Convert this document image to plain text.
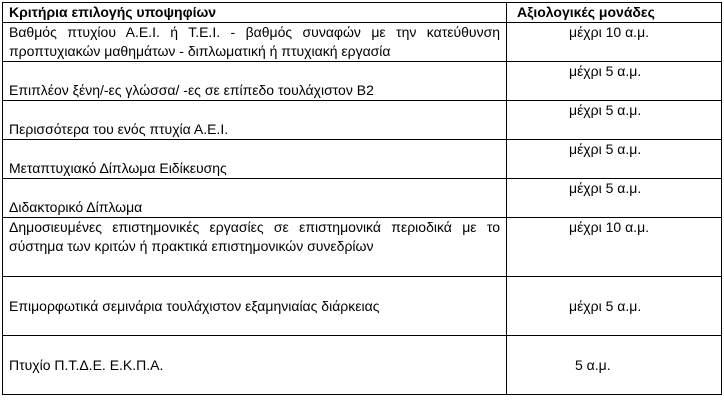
Κριτήρια επιλογής υποψηφίων	Αξιολογικές μονάδες

Βαθμός πτυχίου Α.Ε.Ι. ή Τ.Ε.Ι. - βαθμός συναφών με την κατεύθυνση προπτυχιακών μαθημάτων - διπλωματική ή πτυχιακή εργασία	μέχρι 10 α.μ.

Επιπλέον ξένη/-ες γλώσσα/ -ες σε επίπεδο τουλάχιστον Β2	μέχρι 5 α.μ.

Περισσότερα του ενός πτυχία Α.Ε.Ι.	μέχρι 5 α.μ.

Μεταπτυχιακό Δίπλωμα Ειδίκευσης	μέχρι 5 α.μ.

Διδακτορικό Δίπλωμα	μέχρι 5 α.μ.

Δημοσιευμένες επιστημονικές εργασίες σε επιστημονικά περιοδικά με το σύστημα των κριτών ή πρακτικά επιστημονικών συνεδρίων	μέχρι 10 α.μ.

Επιμορφωτικά σεμινάρια τουλάχιστον εξαμηνιαίας διάρκειας	μέχρι 5 α.μ.

Πτυχίο Π.Τ.Δ.Ε. Ε.Κ.Π.Α.	5 α.μ.
